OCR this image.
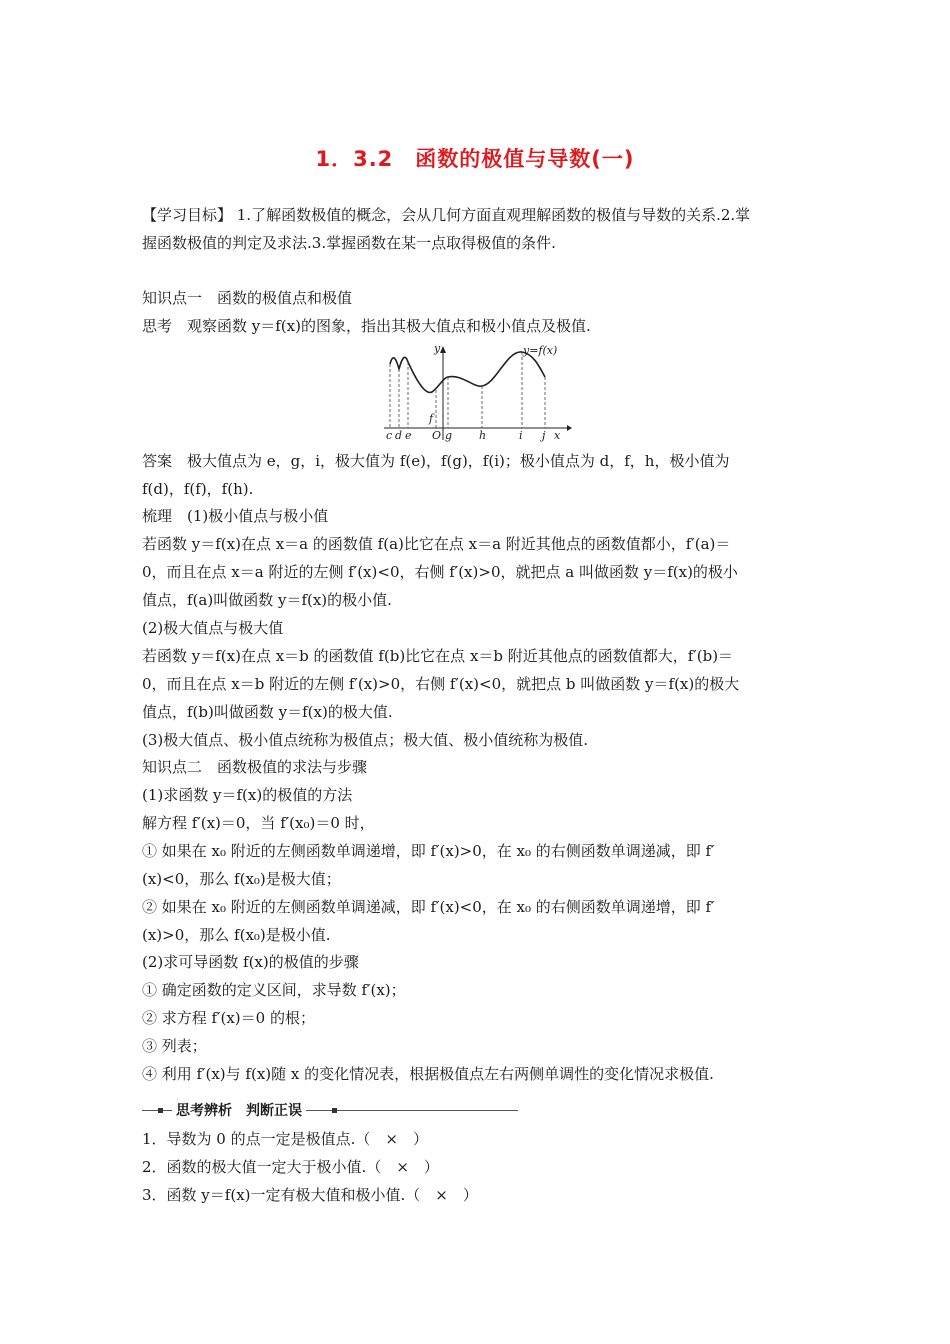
1．3.2　函数的极值与导数(一)
【学习目标】 1.了解函数极值的概念，会从几何方面直观理解函数的极值与导数的关系.2.掌
握函数极值的判定及求法.3.掌握函数在某一点取得极值的条件.
知识点一　函数的极值点和极值
思考　观察函数 y＝f(x)的图象，指出其极大值点和极小值点及极值.
y=f(x)
y
x
O
f
c d e	g h	i j
答案　极大值点为 e，g，i，极大值为 f(e)，f(g)，f(i)；极小值点为 d，f，h，极小值为
f(d)，f(f)，f(h).
梳理　(1)极小值点与极小值
若函数 y＝f(x)在点 x＝a 的函数值 f(a)比它在点 x＝a 附近其他点的函数值都小，f′(a)＝
0，而且在点 x＝a 附近的左侧 f′(x)<0，右侧 f′(x)>0，就把点 a 叫做函数 y＝f(x)的极小
值点，f(a)叫做函数 y＝f(x)的极小值.
(2)极大值点与极大值
若函数 y＝f(x)在点 x＝b 的函数值 f(b)比它在点 x＝b 附近其他点的函数值都大，f′(b)＝
0，而且在点 x＝b 附近的左侧 f′(x)>0，右侧 f′(x)<0，就把点 b 叫做函数 y＝f(x)的极大
值点，f(b)叫做函数 y＝f(x)的极大值.
(3)极大值点、极小值点统称为极值点；极大值、极小值统称为极值.
知识点二　函数极值的求法与步骤
(1)求函数 y＝f(x)的极值的方法
解方程 f′(x)＝0，当 f′(x₀)＝0 时，
① 如果在 x₀ 附近的左侧函数单调递增，即 f′(x)>0，在 x₀ 的右侧函数单调递减，即 f′
(x)<0，那么 f(x₀)是极大值；
② 如果在 x₀ 附近的左侧函数单调递减，即 f′(x)<0，在 x₀ 的右侧函数单调递增，即 f′
(x)>0，那么 f(x₀)是极小值.
(2)求可导函数 f(x)的极值的步骤
① 确定函数的定义区间，求导数 f′(x)；
② 求方程 f′(x)＝0 的根；
③ 列表；
④ 利用 f′(x)与 f(x)随 x 的变化情况表，根据极值点左右两侧单调性的变化情况求极值.
思考辨析　判断正误
1．导数为 0 的点一定是极值点.（　×　）
2．函数的极大值一定大于极小值.（　×　）
3．函数 y＝f(x)一定有极大值和极小值.（　×　）
